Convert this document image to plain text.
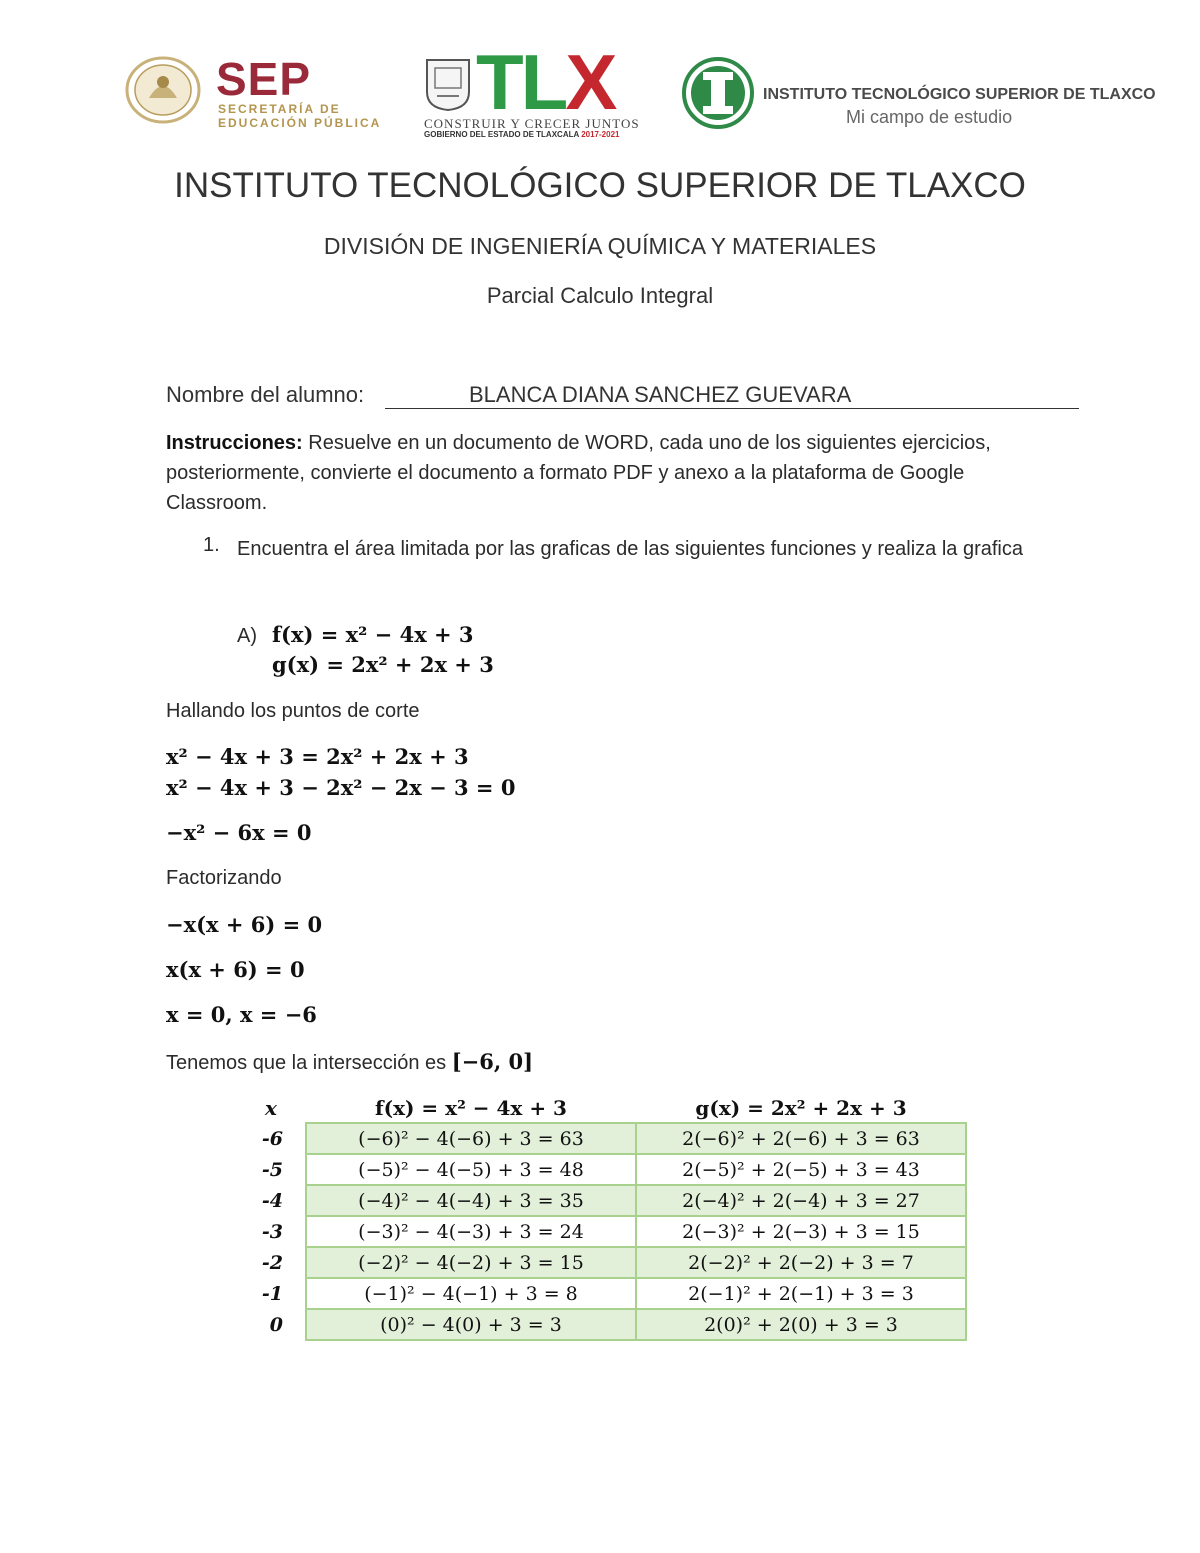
SEP
SECRETARÍA DE
EDUCACIÓN PÚBLICA TLX
CONSTRUIR Y CRECER JUNTOS
GOBIERNO DEL ESTADO DE TLAXCALA 2017-2021
INSTITUTO TECNOLÓGICO SUPERIOR DE TLAXCO
Mi campo de estudio
INSTITUTO TECNOLÓGICO SUPERIOR DE TLAXCO
DIVISIÓN DE INGENIERÍA QUÍMICA Y MATERIALES
Parcial Calculo Integral
Nombre del alumno:	BLANCA DIANA SANCHEZ GUEVARA
Instrucciones: Resuelve en un documento de WORD, cada uno de los siguientes ejercicios, posteriormente, convierte el documento a formato PDF y anexo a la plataforma de Google Classroom.
1. Encuentra el área limitada por las graficas de las siguientes funciones y realiza la grafica
A) f(x) = x² − 4x + 3
g(x) = 2x² + 2x + 3
Hallando los puntos de corte
x² − 4x + 3 = 2x² + 2x + 3
x² − 4x + 3 − 2x² − 2x − 3 = 0
−x² − 6x = 0
Factorizando
−x(x + 6) = 0
x(x + 6) = 0
x = 0, x = −6
Tenemos que la intersección es [−6, 0]
x	f(x) = x² − 4x + 3	g(x) = 2x² + 2x + 3
-6	(−6)² − 4(−6) + 3 = 63	2(−6)² + 2(−6) + 3 = 63
-5	(−5)² − 4(−5) + 3 = 48	2(−5)² + 2(−5) + 3 = 43
-4	(−4)² − 4(−4) + 3 = 35	2(−4)² + 2(−4) + 3 = 27
-3	(−3)² − 4(−3) + 3 = 24	2(−3)² + 2(−3) + 3 = 15
-2	(−2)² − 4(−2) + 3 = 15	2(−2)² + 2(−2) + 3 = 7
-1	(−1)² − 4(−1) + 3 = 8	2(−1)² + 2(−1) + 3 = 3
0	(0)² − 4(0) + 3 = 3	2(0)² + 2(0) + 3 = 3
